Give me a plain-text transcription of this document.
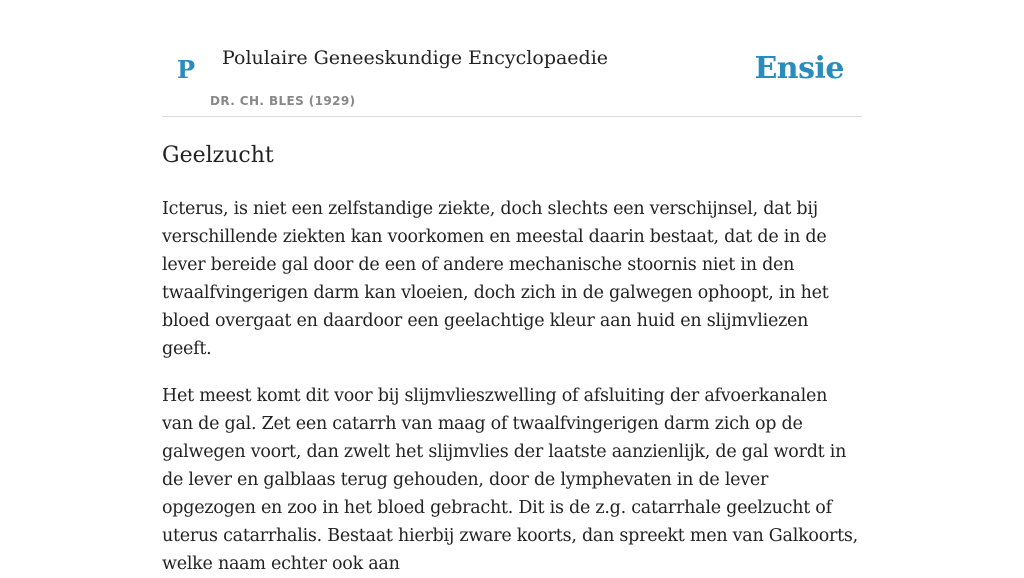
P Polulaire Geneeskundige Encyclopaedie
DR. CH. BLES (1929)
Ensie
Geelzucht

Icterus, is niet een zelfstandige ziekte, doch slechts een verschijnsel, dat bij verschillende ziekten kan voorkomen en meestal daarin bestaat, dat de in de lever bereide gal door de een of andere mechanische stoornis niet in den twaalfvingerigen darm kan vloeien, doch zich in de galwegen ophoopt, in het bloed overgaat en daardoor een geelachtige kleur aan huid en slijmvliezen geeft.

Het meest komt dit voor bij slijmvlieszwelling of afsluiting der afvoerkanalen van de gal. Zet een catarrh van maag of twaalfvingerigen darm zich op de galwegen voort, dan zwelt het slijmvlies der laatste aanzienlijk, de gal wordt in de lever en galblaas terug gehouden, door de lymphevaten in de lever opgezogen en zoo in het bloed gebracht. Dit is de z.g. catarrhale geelzucht of uterus catarrhalis. Bestaat hierbij zware koorts, dan spreekt men van Galkoorts, welke naam echter ook aan
